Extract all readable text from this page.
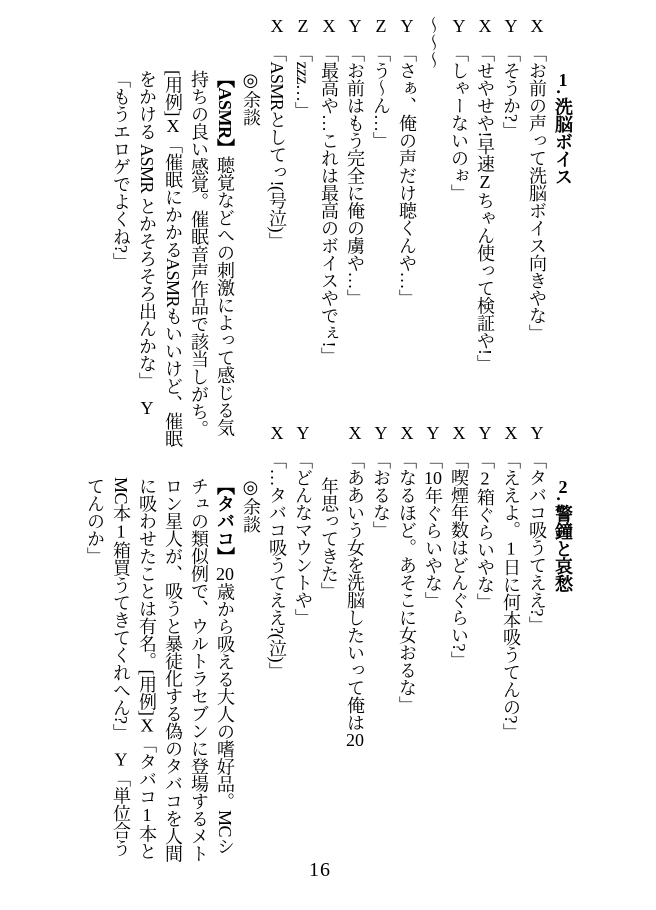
1. 洗脳ボイス

X　「お前の声って洗脳ボイス向きやな」

Y　「そうか?」

X　「せやせや!早速Zちゃん使って検証や!」

Y　「しゃーないのぉ」

〜〜〜

Y　「さぁ、俺の声だけ聴くんや…」

Z　「う〜ん…」

Y　「お前はもう完全に俺の虜や…」

X　「最高や…これは最高のボイスやでぇ!」

Z　「zzz…」

X　「ASMRとしてっ!(号泣)」

◎余談

【ASMR】聴覚などへの刺激によって感じる気持ちの良い感覚。催眠音声作品で該当しがち。[用例]X「催眠にかかるASMRもいいけど、催眠をかける ASMR とかそろそろ出んかな」　Y「もうエロゲでよくね?」

2. 警鐘と哀愁

Y　「タバコ吸うてええ?」

X　「ええよ。1日に何本吸うてんの?」

Y　「2箱ぐらいやな」

X　「喫煙年数はどんぐらい?」

Y　「10年ぐらいやな」

X　「なるほど。あそこに女おるな」

Y　「おるな」

X　「ああいう女を洗脳したいって俺は20年思ってきた」

Y　「どんなマウントや」

X　「…タバコ吸うてええ?(泣)」

◎余談

【タバコ】20歳から吸える大人の嗜好品。MCシチュの類似例で、ウルトラセブンに登場するメトロン星人が、吸うと暴徒化する偽のタバコを人間に吸わせたことは有名。[用例]X「タバコ1本とMC本1箱買うてきてくれへん?」　Y「単位合うてんのか」

16
